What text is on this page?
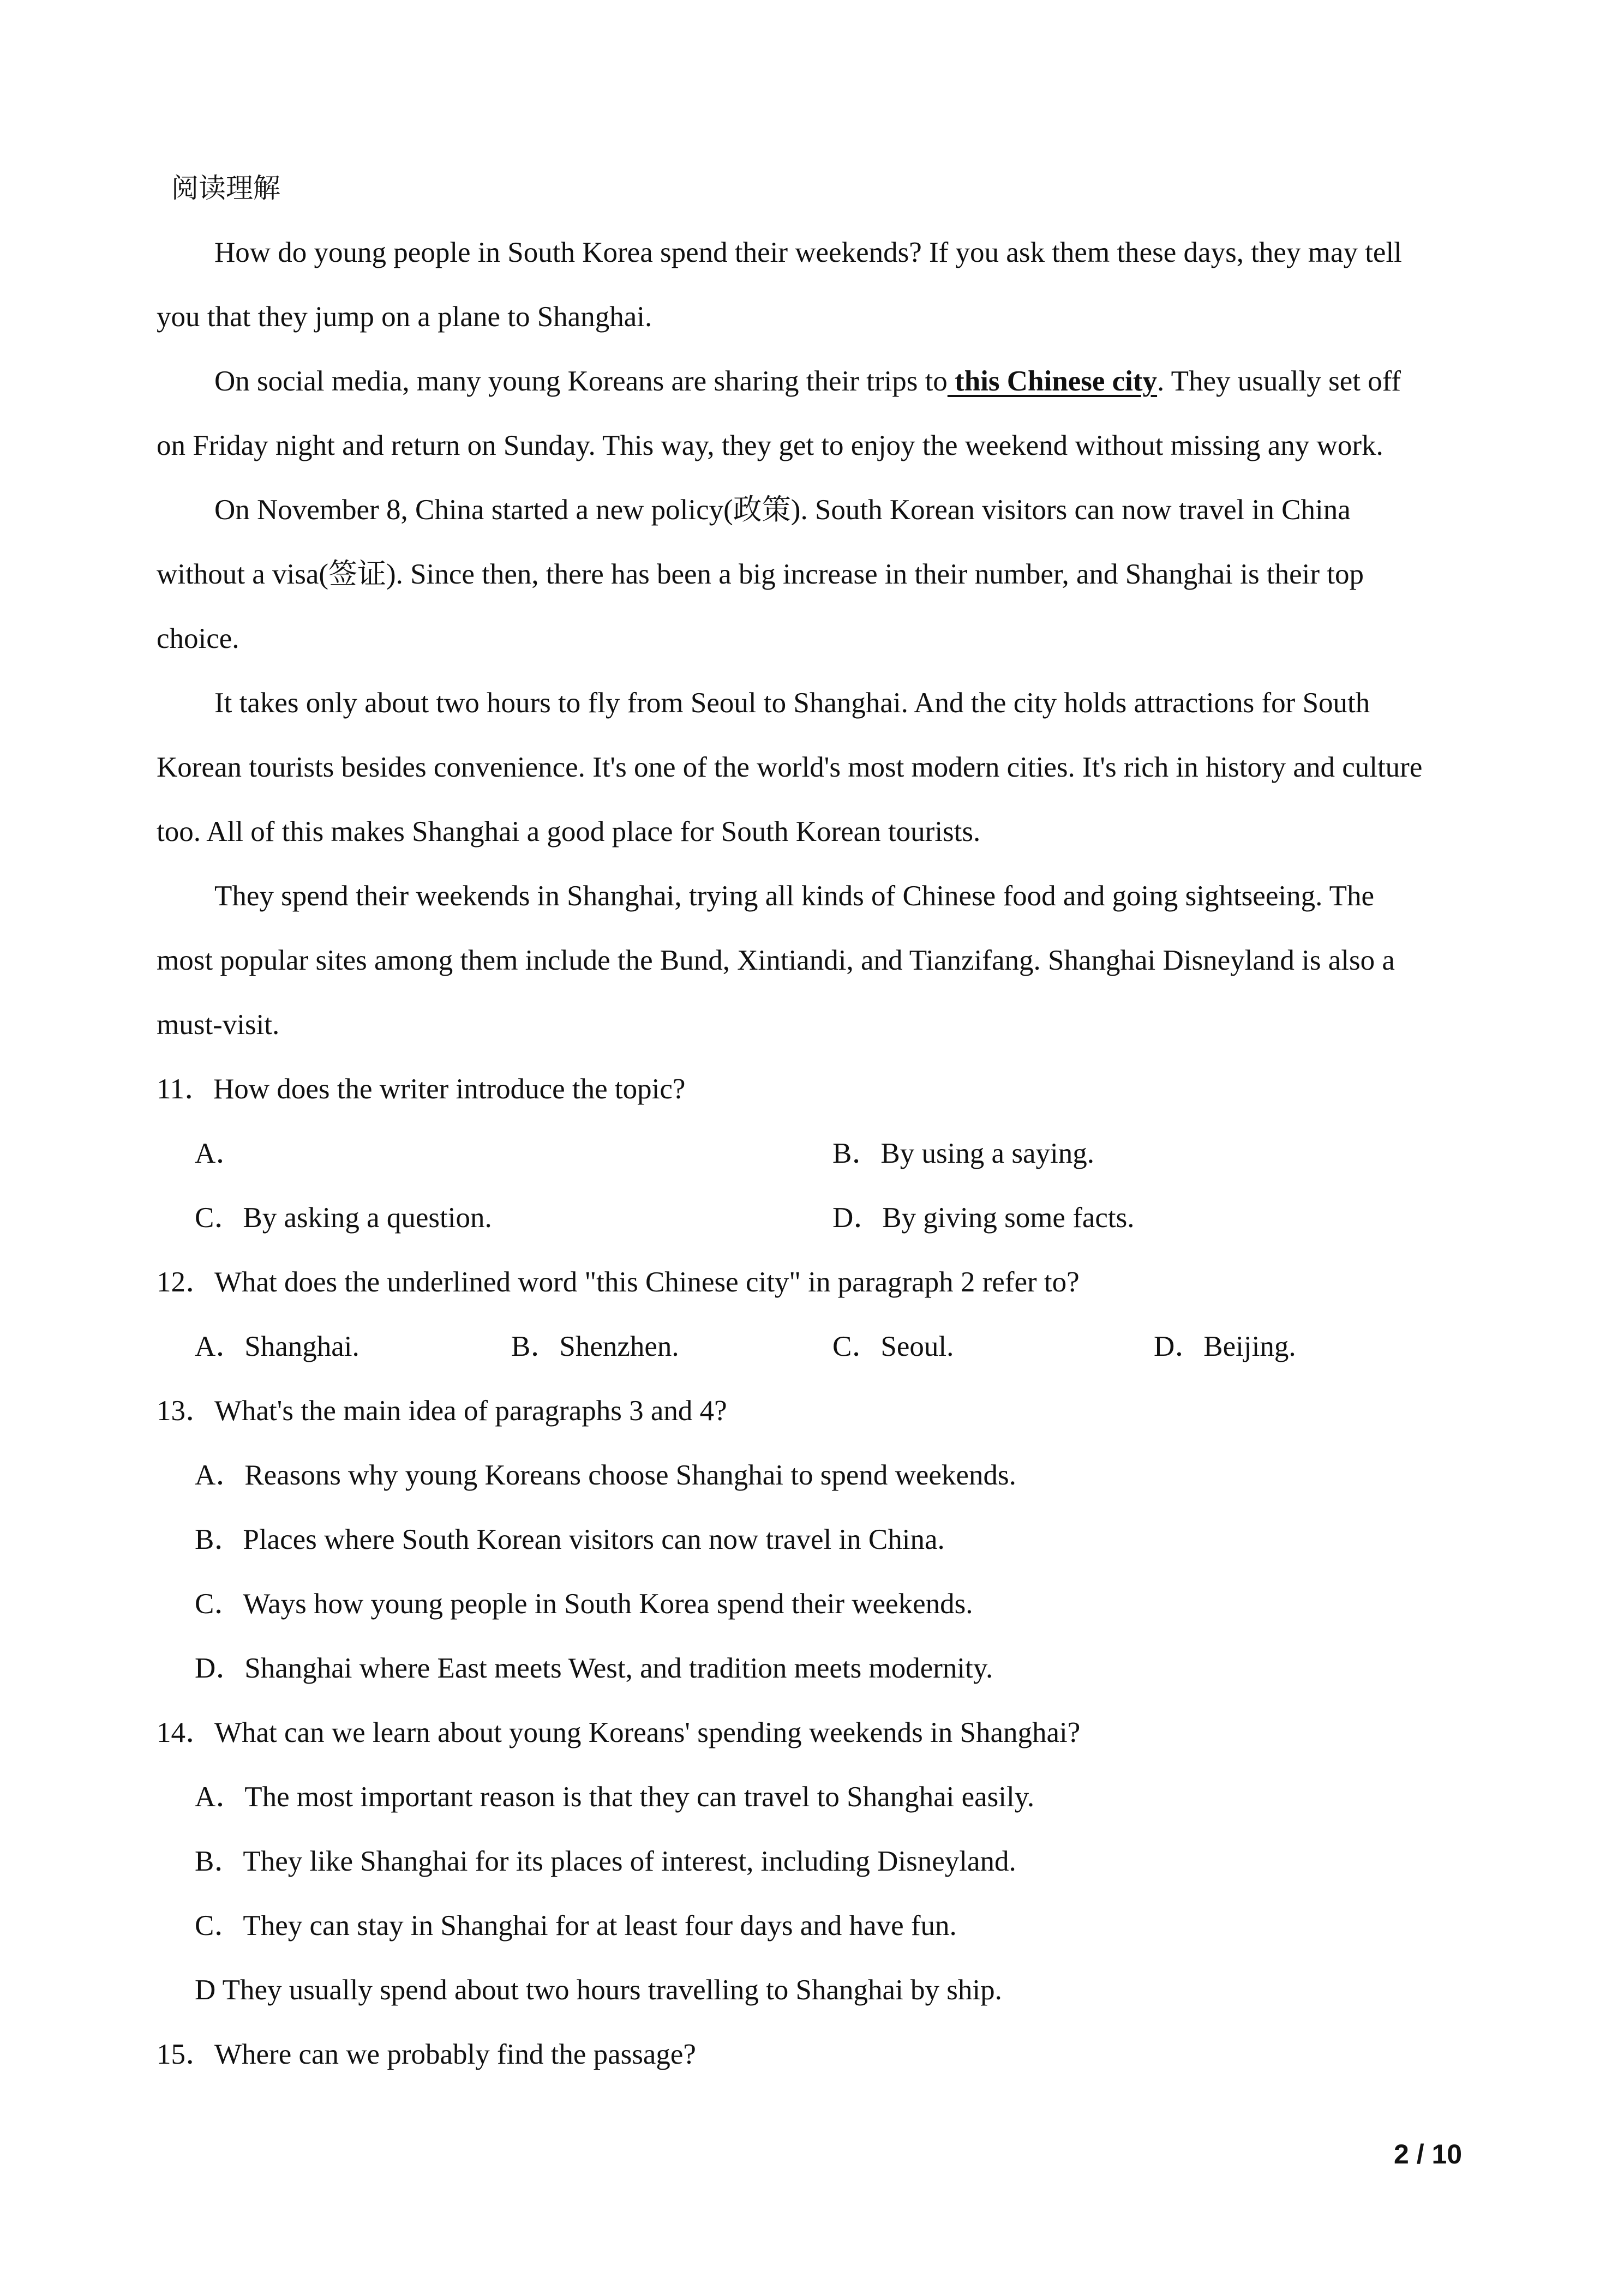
阅读理解
How do young people in South Korea spend their weekends? If you ask them these days, they may tell
you that they jump on a plane to Shanghai.
On social media, many young Koreans are sharing their trips to this Chinese city. They usually set off
on Friday night and return on Sunday. This way, they get to enjoy the weekend without missing any work.
On November 8, China started a new policy(政策). South Korean visitors can now travel in China
without a visa(签证). Since then, there has been a big increase in their number, and Shanghai is their top
choice.
It takes only about two hours to fly from Seoul to Shanghai. And the city holds attractions for South
Korean tourists besides convenience. It's one of the world's most modern cities. It's rich in history and culture
too. All of this makes Shanghai a good place for South Korean tourists.
They spend their weekends in Shanghai, trying all kinds of Chinese food and going sightseeing. The
most popular sites among them include the Bund, Xintiandi, and Tianzifang. Shanghai Disneyland is also a
must-visit.
11．How does the writer introduce the topic?
A．	B．By using a saying.
C．By asking a question.	D．By giving some facts.
12．What does the underlined word "this Chinese city" in paragraph 2 refer to?
A．Shanghai.	B．Shenzhen.	C．Seoul.	D．Beijing.
13．What's the main idea of paragraphs 3 and 4?
A．Reasons why young Koreans choose Shanghai to spend weekends.
B．Places where South Korean visitors can now travel in China.
C．Ways how young people in South Korea spend their weekends.
D．Shanghai where East meets West, and tradition meets modernity.
14．What can we learn about young Koreans' spending weekends in Shanghai?
A．The most important reason is that they can travel to Shanghai easily.
B．They like Shanghai for its places of interest, including Disneyland.
C．They can stay in Shanghai for at least four days and have fun.
D They usually spend about two hours travelling to Shanghai by ship.
15．Where can we probably find the passage?
2 / 10
